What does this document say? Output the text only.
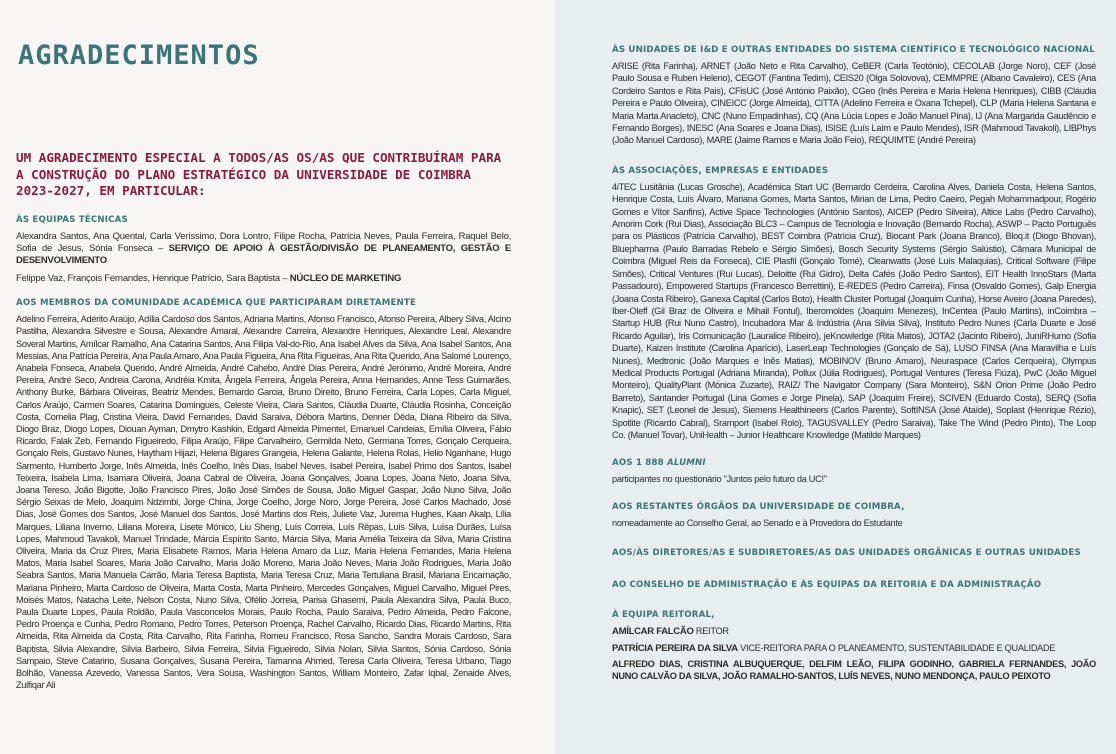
AGRADECIMENTOS

UM AGRADECIMENTO ESPECIAL A TODOS/AS OS/AS QUE CONTRIBUÍRAM PARA A CONSTRUÇÃO DO PLANO ESTRATÉGICO DA UNIVERSIDADE DE COIMBRA 2023-2027, EM PARTICULAR:

ÀS EQUIPAS TÉCNICAS

Alexandra Santos, Ana Quental, Carla Veríssimo, Dora Lontro, Filipe Rocha, Patrícia Neves, Paula Ferreira, Raquel Belo, Sofia de Jesus, Sónia Fonseca – SERVIÇO DE APOIO À GESTÃO/DIVISÃO DE PLANEAMENTO, GESTÃO E DESENVOLVIMENTO

Felippe Vaz, François Fernandes, Henrique Patrício, Sara Baptista – NÚCLEO DE MARKETING

AOS MEMBROS DA COMUNIDADE ACADÉMICA QUE PARTICIPARAM DIRETAMENTE

Adelino Ferreira, Adérito Araújo, Adília Cardoso dos Santos, Adriana Martins, Afonso Francisco, Afonso Pereira, Albery Silva, Alcino Pastilha, Alexandra Silvestre e Sousa, Alexandre Amaral, Alexandre Carreira, Alexandre Henriques, Alexandre Leal, Alexandre Soveral Martins, Amílcar Ramalho, Ana Catarina Santos, Ana Filipa Val-do-Rio, Ana Isabel Alves da Silva, Ana Isabel Santos, Ana Messias, Ana Patrícia Pereira, Ana Paula Amaro, Ana Paula Figueira, Ana Rita Figueiras, Ana Rita Querido, Ana Salomé Lourenço, Anabela Fonseca, Anabela Querido, André Almeida, André Cahebo, André Dias Pereira, André Jerónimo, André Moreira, André Pereira, André Seco, Andreia Carona, Andréia Kmita, Ângela Ferreira, Ângela Pereira, Anna Hernandes, Anne Tess Guimarães, Anthony Burke, Bárbara Oliveiras, Beatriz Mendes, Bernardo Garcia, Bruno Direito, Bruno Ferreira, Carla Lopes, Carla Miguel, Carlos Araújo, Carmen Soares, Catarina Domingues, Celeste Vieira, Clara Santos, Cláudia Duarte, Cláudia Rosinha, Conceição Costa, Cornelia Plag, Cristina Vieira, David Fernandes, David Saraiva, Débora Martins, Denner Déda, Diana Ribeiro da Silva, Diogo Braz, Diogo Lopes, Diouan Ayman, Dmytro Kashkin, Edgard Almeida Pimentel, Emanuel Candeias, Emília Oliveira, Fábio Ricardo, Falak Zeb, Fernando Figueiredo, Filipa Araújo, Filipe Carvalheiro, Germilda Neto, Germana Torres, Gonçalo Cerqueira, Gonçalo Reis, Gustavo Nunes, Haytham Hijazi, Helena Bigares Grangeia, Helena Galante, Helena Rolas, Helio Nganhane, Hugo Sarmento, Humberto Jorge, Inês Almeida, Inês Coelho, Inês Dias, Isabel Neves, Isabel Pereira, Isabel Primo dos Santos, Isabel Teixeira, Isabela Lima, Isamara Oliveira, Joana Cabral de Oliveira, Joana Gonçalves, Joana Lopes, Joana Neto, Joana Silva, Joana Tereso, João Bigotte, João Francisco Pires, João José Simões de Sousa, João Miguel Gaspar, João Nuno Silva, João Sérgio Seixas de Melo, Joaquim Ndzimbi, Jorge China, Jorge Coelho, Jorge Noro, Jorge Pereira, José Carlos Machado, José Dias, José Gomes dos Santos, José Manuel dos Santos, José Martins dos Reis, Juliete Vaz, Jurema Hughes, Kaan Akalp, Lília Marques, Liliana Inverno, Liliana Moreira, Lisete Mónico, Liu Sheng, Luís Correia, Luís Rêpas, Luís Silva, Luísa Durães, Luísa Lopes, Mahmoud Tavakoli, Manuel Trindade, Márcia Espírito Santo, Márcia Silva, Maria Amélia Teixeira da Silva, Maria Cristina Oliveira, Maria da Cruz Pires, Maria Elisabete Ramos, Maria Helena Amaro da Luz, Maria Helena Fernandes, Maria Helena Matos, Maria Isabel Soares, Maria João Carvalho, Maria João Moreno, Maria João Neves, Maria João Rodrigues, Maria João Seabra Santos, Maria Manuela Carrão, Maria Teresa Baptista, Maria Teresa Cruz, Maria Tertuliana Brasil, Mariana Encarnação, Mariana Pinheiro, Marta Cardoso de Oliveira, Marta Costa, Marta Pinheiro, Mercedes Gonçalves, Miguel Carvalho, Miguel Pires, Moisés Matos, Natacha Leite, Nelson Costa, Nuno Silva, Ofélio Jorreia, Parisa Ghasemi, Paula Alexandra Silva, Paula Buco, Paula Duarte Lopes, Paula Roldão, Paula Vasconcelos Morais, Paulo Rocha, Paulo Saraiva, Pedro Almeida, Pedro Falcone, Pedro Proença e Cunha, Pedro Romano, Pedro Torres, Peterson Proença, Rachel Carvalho, Ricardo Dias, Ricardo Martins, Rita Almeida, Rita Almeida da Costa, Rita Carvalho, Rita Farinha, Romeu Francisco, Rosa Sancho, Sandra Morais Cardoso, Sara Baptista, Silvia Alexandre, Silvia Barbeiro, Silvia Ferreira, Silvia Figueiredo, Silvia Nolan, Silvia Santos, Sónia Cardoso, Sónia Sampaio, Steve Catarino, Susana Gonçalves, Susana Pereira, Tamanna Ahmed, Teresa Carla Oliveira, Teresa Urbano, Tiago Bolhão, Vanessa Azevedo, Vanessa Santos, Vera Sousa, Washington Santos, William Monteiro, Zafar Iqbal, Zenaide Alves, Zulfiqar Ali

ÀS UNIDADES DE I&D E OUTRAS ENTIDADES DO SISTEMA CIENTÍFICO E TECNOLÓGICO NACIONAL

ARISE (Rita Farinha), ARNET (João Neto e Rita Carvalho), CeBER (Carla Teotónio), CECOLAB (Jorge Noro), CEF (José Paulo Sousa e Ruben Heleno), CEGOT (Fantina Tedim), CEIS20 (Olga Solovova), CEMMPRE (Albano Cavaleiro), CES (Ana Cordeiro Santos e Rita Pais), CFisUC (José António Paixão), CGeo (Inês Pereira e Maria Helena Henriques), CIBB (Cláudia Pereira e Paulo Oliveira), CINEICC (Jorge Almeida), CITTA (Adelino Ferreira e Oxana Tchepel), CLP (Maria Helena Santana e Maria Marta Anacleto), CNC (Nuno Empadinhas), CQ (Ana Lúcia Lopes e João Manuel Pina), IJ (Ana Margarida Gaudêncio e Fernando Borges), INESC (Ana Soares e Joana Dias), ISISE (Luís Laím e Paulo Mendes), ISR (Mahmoud Tavakoli), LIBPhys (João Manuel Cardoso), MARE (Jaime Ramos e Maria João Feio), REQUIMTE (André Pereira)

ÀS ASSOCIAÇÕES, EMPRESAS E ENTIDADES

4iTEC Lusitânia (Lucas Grosche), Académica Start UC (Bernardo Cerdeira, Carolina Alves, Daniela Costa, Helena Santos, Henrique Costa, Luís Álvaro, Mariana Gomes, Marta Santos, Mirian de Lima, Pedro Caeiro, Pegah Mohammadpour, Rogério Gomes e Vítor Sanfins), Active Space Technologies (António Santos), AICEP (Pedro Silveira), Altice Labs (Pedro Carvalho), Amorim Cork (Rui Dias), Associação BLC3 – Campus de Tecnologia e Inovação (Bernardo Rocha), ASWP – Pacto Português para os Plásticos (Patrícia Carvalho), BEST Coimbra (Patrícia Cruz), Biocant Park (Joana Branco), Bloq.it (Diogo Bhovan), Bluepharma (Paulo Barradas Rebelo e Sérgio Simões), Bosch Security Systems (Sérgio Salústio), Câmara Municipal de Coimbra (Miguel Reis da Fonseca), CIE Plasfil (Gonçalo Tomé), Cleanwatts (José Luís Malaquias), Critical Software (Filipe Simões), Critical Ventures (Rui Lucas), Deloitte (Rui Gidro), Delta Cafés (João Pedro Santos), EIT Health InnoStars (Marta Passadouro), Empowered Startups (Francesco Berrettini), E-REDES (Pedro Carreira), Finsa (Osvaldo Gomes), Galp Energia (Joana Costa Ribeiro), Ganexa Capital (Carlos Boto), Health Cluster Portugal (Joaquim Cunha), Horse Aveiro (Joana Paredes), Iber-Oleff (Gil Braz de Oliveira e Mihail Fontul), Iberomoldes (Joaquim Menezes), InCentea (Paulo Martins), inCoimbra – Startup HUB (Rui Nuno Castro), Incubadora Mar & Indústria (Ana Silvia Silva), Instituto Pedro Nunes (Carla Duarte e José Ricardo Aguilar), Iris Comunicação (Lauralice Ribeiro), jeKnowledge (Rita Matos), JOTA2 (Jacinto Ribeiro), JuniRHumo (Sofia Duarte), Kaizen Institute (Carolina Aparício), LaserLeap Technologies (Gonçalo de Sá), LUSO FINSA (Ana Maravilha e Luís Nunes), Medtronic (João Marques e Inês Matias), MOBINOV (Bruno Amaro), Neuraspace (Carlos Cerqueira), Olympus Medical Products Portugal (Adriana Miranda), Pollux (Júlia Rodrigues), Portugal Ventures (Teresa Fiúza), PwC (João Miguel Monteiro), QualityPlant (Mónica Zuzarte), RAIZ/ The Navigator Company (Sara Monteiro), S&N Orion Prime (João Pedro Barreto), Santander Portugal (Lina Gomes e Jorge Pinela), SAP (Joaquim Freire), SCIVEN (Eduardo Costa), SERQ (Sofia Knapic), SET (Leonel de Jesus), Siemens Healthineers (Carlos Parente), SoftINSA (José Ataíde), Soplast (Henrique Rézio), Spotlite (Ricardo Cabral), Sramport (Isabel Rolo), TAGUSVALLEY (Pedro Saraiva), Take The Wind (Pedro Pinto), The Loop Co. (Manuel Tovar), UniHealth – Junior Healthcare Knowledge (Matilde Marques)

AOS 1 888 ALUMNI

participantes no questionário "Juntos pelo futuro da UC!"

AOS RESTANTES ÓRGÃOS DA UNIVERSIDADE DE COIMBRA,

nomeadamente ao Conselho Geral, ao Senado e à Provedora do Estudante

AOS/ÀS DIRETORES/AS E SUBDIRETORES/AS DAS UNIDADES ORGÂNICAS E OUTRAS UNIDADES
AO CONSELHO DE ADMINISTRAÇÃO E ÀS EQUIPAS DA REITORIA E DA ADMINISTRAÇÃO
À EQUIPA REITORAL,

AMÍLCAR FALCÃO REITOR

PATRÍCIA PEREIRA DA SILVA VICE-REITORA PARA O PLANEAMENTO, SUSTENTABILIDADE E QUALIDADE

ALFREDO DIAS, CRISTINA ALBUQUERQUE, DELFIM LEÃO, FILIPA GODINHO, GABRIELA FERNANDES, JOÃO NUNO CALVÃO DA SILVA, JOÃO RAMALHO-SANTOS, LUÍS NEVES, NUNO MENDONÇA, PAULO PEIXOTO
